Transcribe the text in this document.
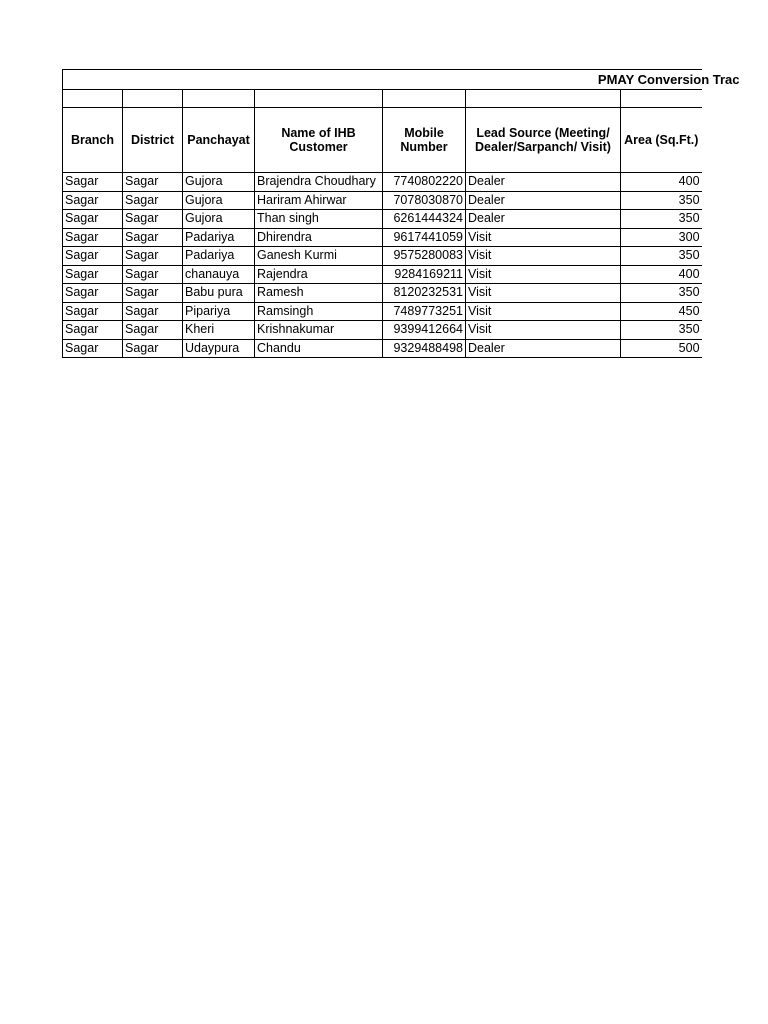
PMAY Conversion Trac						

Branch	District	Panchayat	Name of IHB Customer	Mobile Number	Lead Source (Meeting/ Dealer/Sarpanch/ Visit)	Area (Sq.Ft.)
Sagar	Sagar	Gujora	Brajendra Choudhary	7740802220	Dealer	400
Sagar	Sagar	Gujora	Hariram Ahirwar	7078030870	Dealer	350
Sagar	Sagar	Gujora	Than singh	6261444324	Dealer	350
Sagar	Sagar	Padariya	Dhirendra	9617441059	Visit	300
Sagar	Sagar	Padariya	Ganesh Kurmi	9575280083	Visit	350
Sagar	Sagar	chanauya	Rajendra	9284169211	Visit	400
Sagar	Sagar	Babu pura	Ramesh	8120232531	Visit	350
Sagar	Sagar	Pipariya	Ramsingh	7489773251	Visit	450
Sagar	Sagar	Kheri	Krishnakumar	9399412664	Visit	350
Sagar	Sagar	Udaypura	Chandu	9329488498	Dealer	500
